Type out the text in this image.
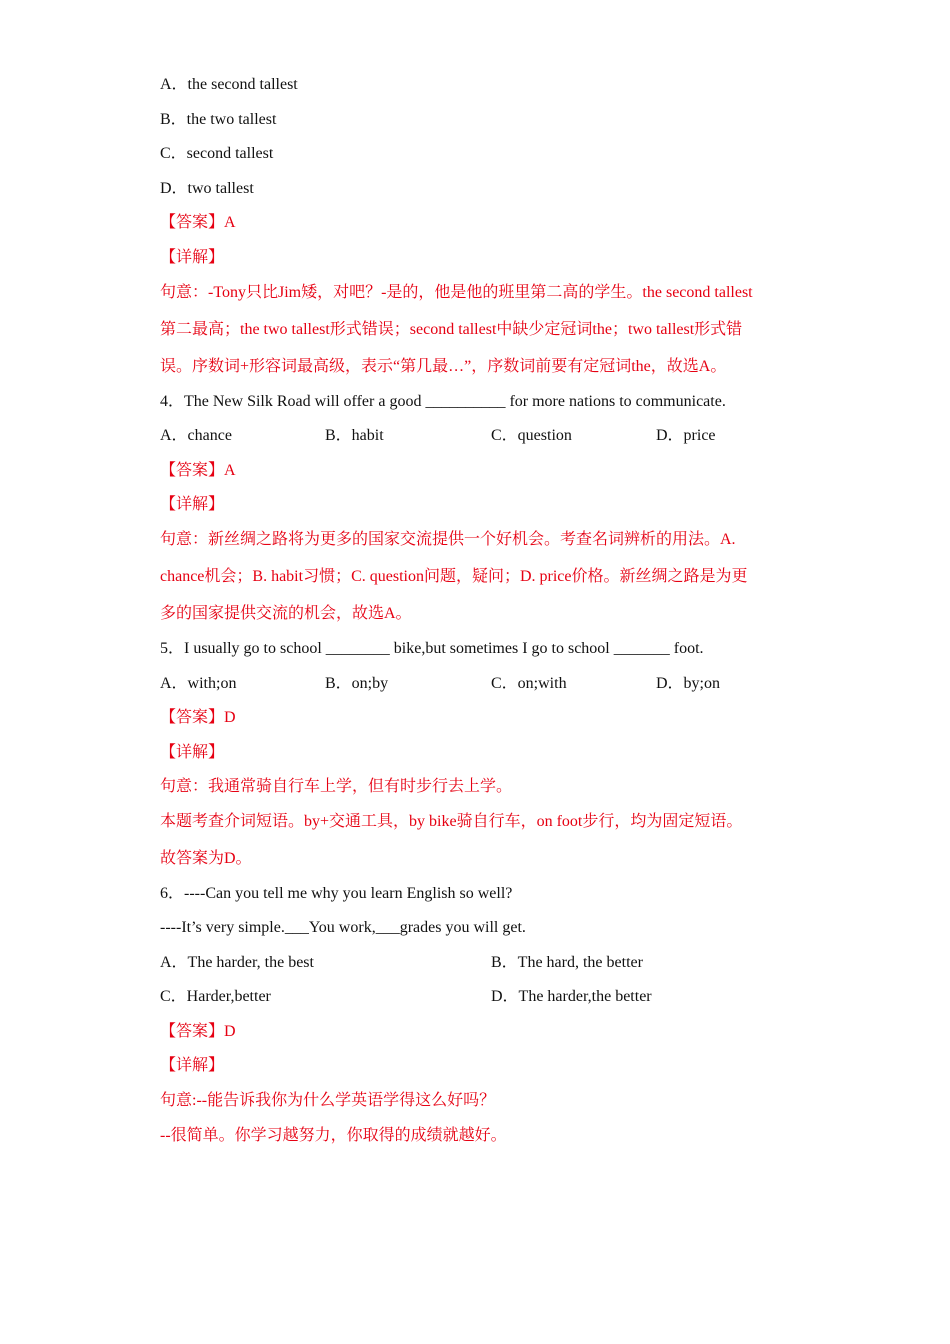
A．the second tallest
B．the two tallest
C．second tallest
D．two tallest
【答案】A
【详解】
句意：-Tony只比Jim矮，对吧？-是的，他是他的班里第二高的学生。the second tallest
第二最高；the two tallest形式错误；second tallest中缺少定冠词the；two tallest形式错
误。序数词+形容词最高级，表示“第几最…”，序数词前要有定冠词the，故选A。
4．The New Silk Road will offer a good __________ for more nations to communicate.
A．chance	B．habit	C．question	D．price
【答案】A
【详解】
句意：新丝绸之路将为更多的国家交流提供一个好机会。考查名词辨析的用法。A.
chance机会；B. habit习惯；C. question问题，疑问；D. price价格。新丝绸之路是为更
多的国家提供交流的机会，故选A。
5．I usually go to school ________ bike,but sometimes I go to school _______ foot.
A．with;on	B．on;by	C．on;with	D．by;on
【答案】D
【详解】
句意：我通常骑自行车上学，但有时步行去上学。
本题考查介词短语。by+交通工具，by bike骑自行车，on foot步行，均为固定短语。
故答案为D。
6．----Can you tell me why you learn English so well?
----It’s very simple.___You work,___grades you will get.
A．The harder, the best	B．The hard, the better
C．Harder,better	D．The harder,the better
【答案】D
【详解】
句意:--能告诉我你为什么学英语学得这么好吗？
--很简单。你学习越努力，你取得的成绩就越好。
